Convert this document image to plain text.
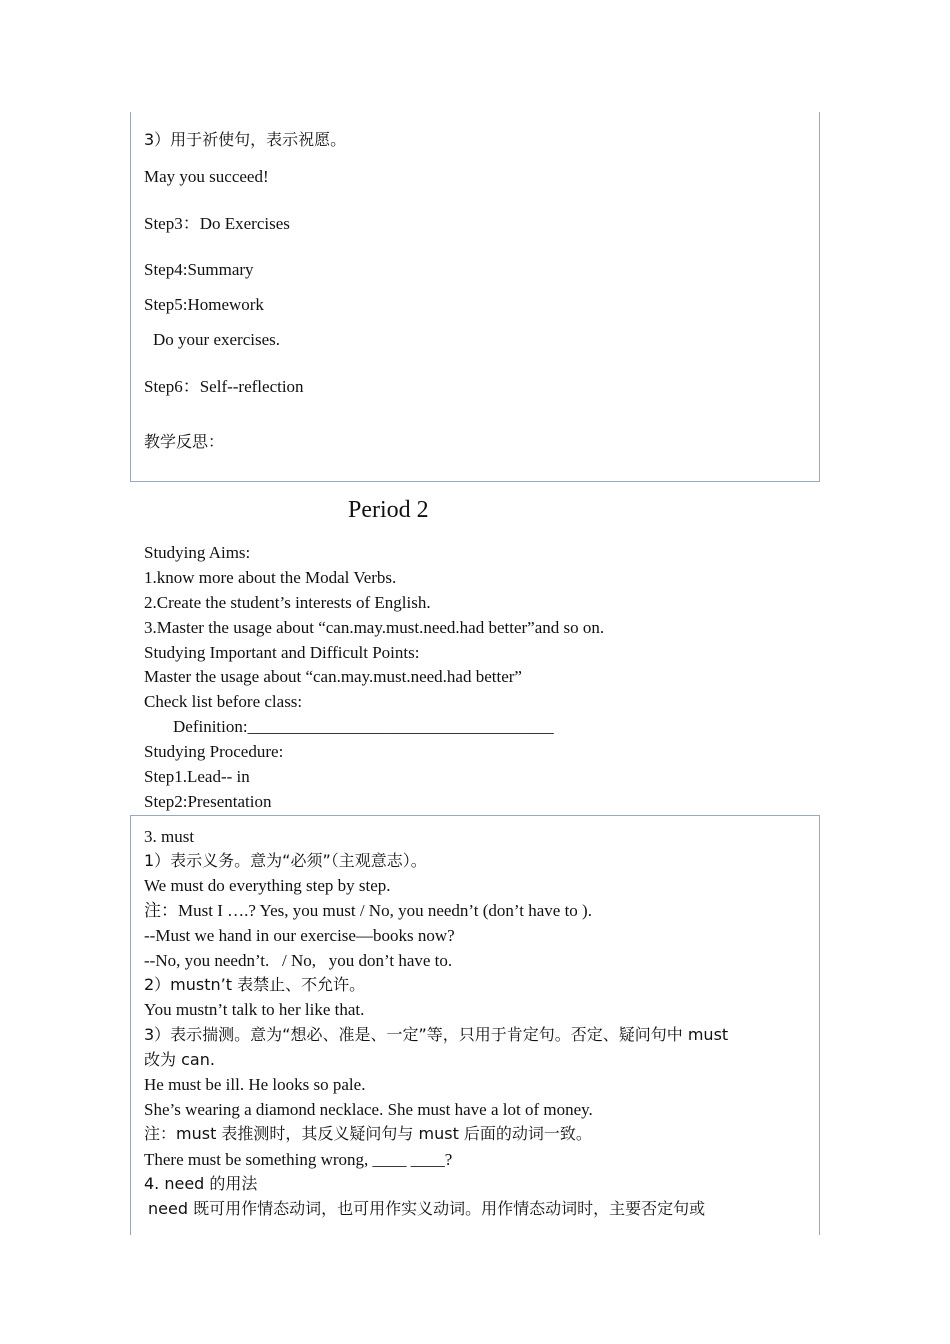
3）用于祈使句，表示祝愿。
May you succeed!
Step3：Do Exercises
Step4:Summary
Step5:Homework
Do your exercises.
Step6：Self--reflection
教学反思：
Period 2
Studying Aims:
1.know more about the Modal Verbs.
2.Create the student’s interests of English.
3.Master the usage about “can.may.must.need.had better”and so on.
Studying Important and Difficult Points:
Master the usage about “can.may.must.need.had better”
Check list before class:
Definition:____________________________________
Studying Procedure:
Step1.Lead-- in
Step2:Presentation
3. must
1）表示义务。意为“必须”（主观意志）。
We must do everything step by step.
注：Must I ….? Yes, you must / No, you needn’t (don’t have to ).
--Must we hand in our exercise—books now?
--No, you needn’t.   / No,   you don’t have to.
2）mustn’t 表禁止、不允许。
You mustn’t talk to her like that.
3）表示揣测。意为“想必、准是、一定”等，只用于肯定句。否定、疑问句中 must
改为 can.
He must be ill. He looks so pale.
She’s wearing a diamond necklace. She must have a lot of money.
注：must 表推测时，其反义疑问句与 must 后面的动词一致。
There must be something wrong, ____ ____?
4. need 的用法
need 既可用作情态动词，也可用作实义动词。用作情态动词时，主要否定句或
